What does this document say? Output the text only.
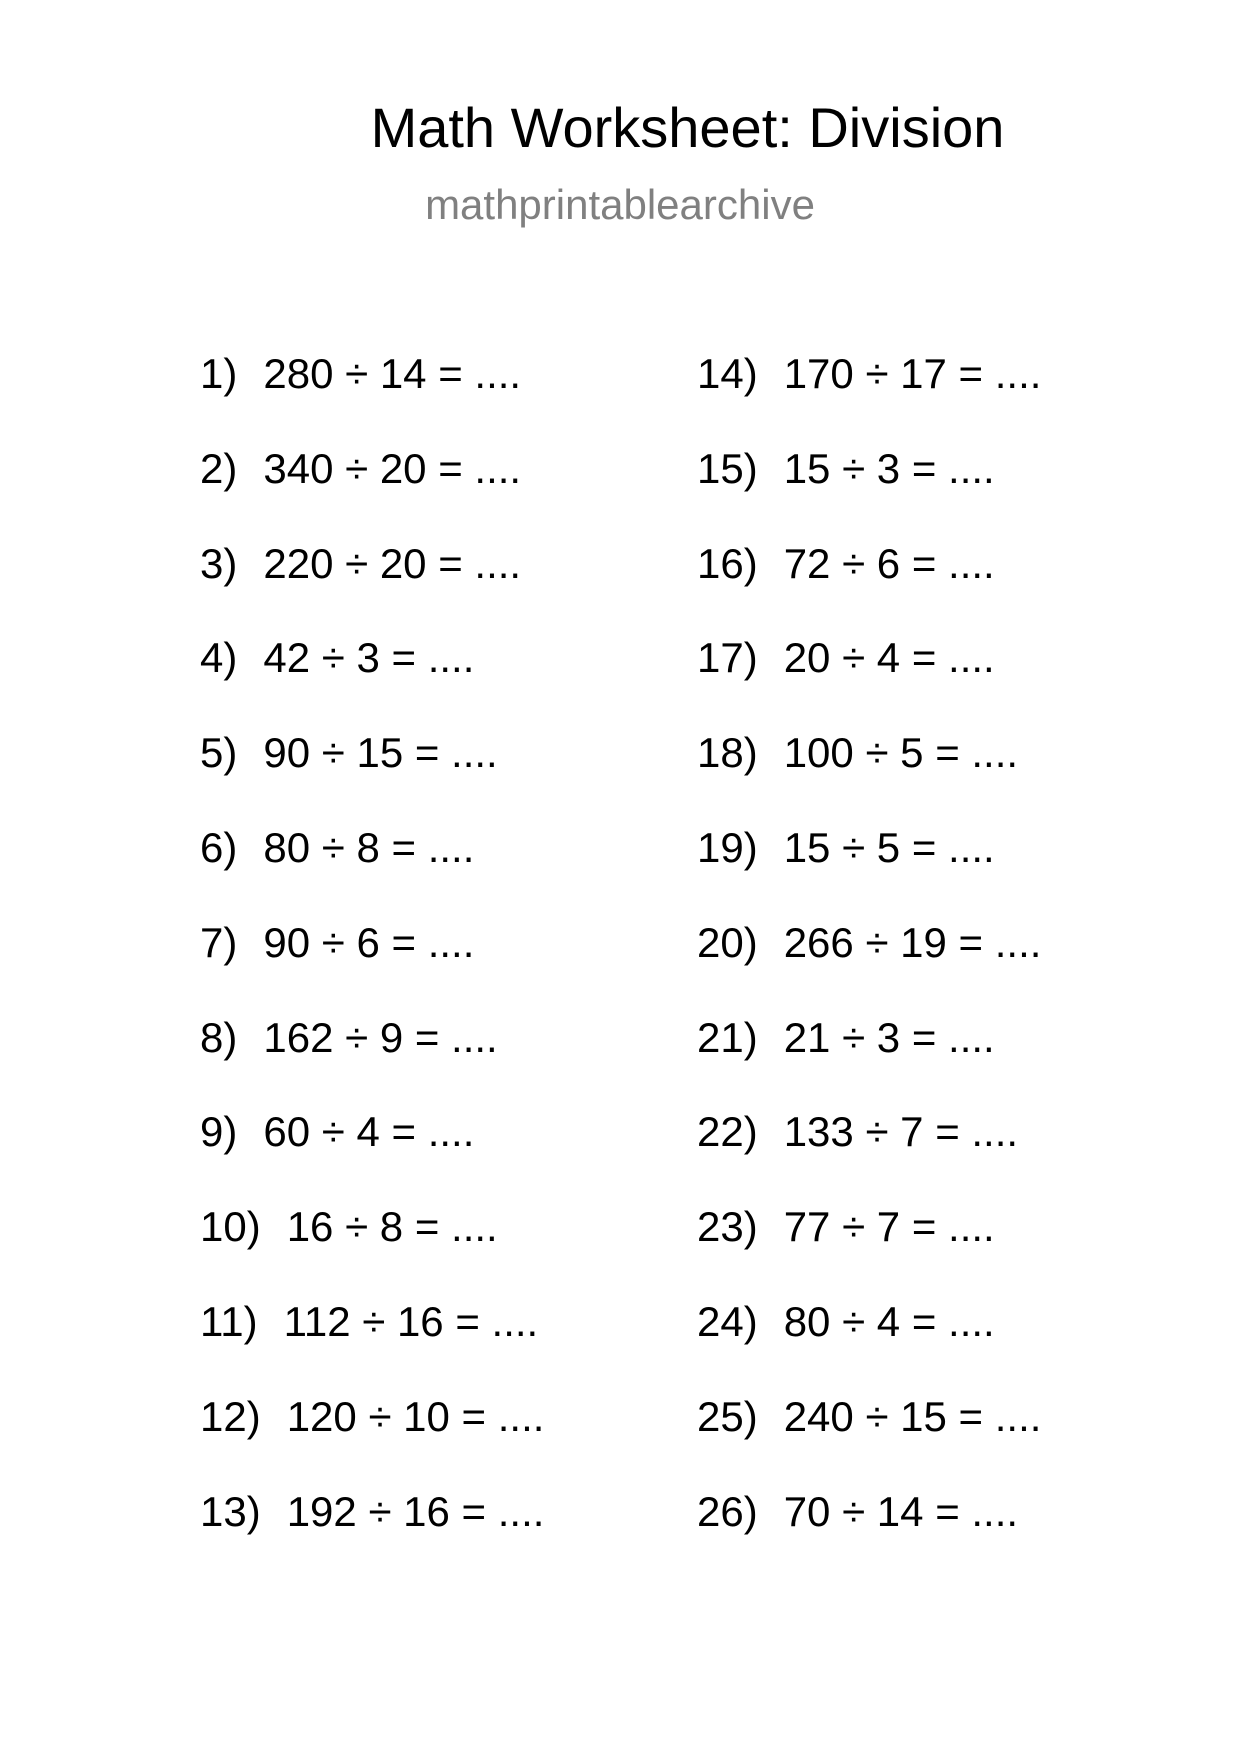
Math Worksheet: Division
mathprintablearchive
1) 280 ÷ 14 = ....
2) 340 ÷ 20 = ....
3) 220 ÷ 20 = ....
4) 42 ÷ 3 = ....
5) 90 ÷ 15 = ....
6) 80 ÷ 8 = ....
7) 90 ÷ 6 = ....
8) 162 ÷ 9 = ....
9) 60 ÷ 4 = ....
10) 16 ÷ 8 = ....
11) 112 ÷ 16 = ....
12) 120 ÷ 10 = ....
13) 192 ÷ 16 = ....
14) 170 ÷ 17 = ....
15) 15 ÷ 3 = ....
16) 72 ÷ 6 = ....
17) 20 ÷ 4 = ....
18) 100 ÷ 5 = ....
19) 15 ÷ 5 = ....
20) 266 ÷ 19 = ....
21) 21 ÷ 3 = ....
22) 133 ÷ 7 = ....
23) 77 ÷ 7 = ....
24) 80 ÷ 4 = ....
25) 240 ÷ 15 = ....
26) 70 ÷ 14 = ....
